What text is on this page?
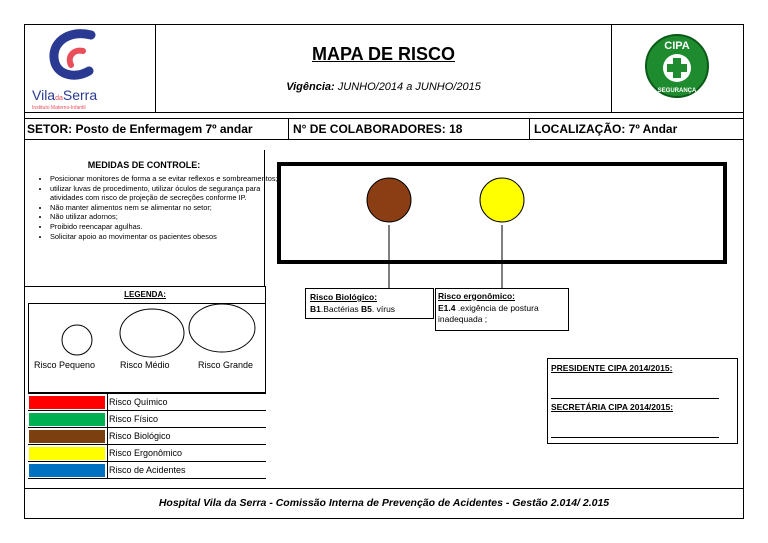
ViladaSerra
Instituto Materno-Infantil
MAPA DE RISCO
Vigência: JUNHO/2014 a JUNHO/2015
CIPA
SEGURANÇA
SETOR: Posto de Enfermagem 7º andar	N° DE COLABORADORES: 18	LOCALIZAÇÃO: 7º Andar
MEDIDAS DE CONTROLE:
• Posicionar monitores de forma a se evitar reflexos e sombreamentos;
• utilizar luvas de procedimento, utilizar óculos de segurança para atividades com risco de projeção de secreções conforme IP.
• Não manter alimentos nem se alimentar no setor;
• Não utilizar adornos;
• Proibido reencapar agulhas.
• Solicitar apoio ao movimentar os pacientes obesos
LEGENDA:
Risco Pequeno	Risco Médio	Risco Grande
Risco Químico
Risco Físico
Risco Biológico
Risco Ergonômico
Risco de Acidentes
Risco Biológico:
B1.Bactérias B5. vírus
Risco ergonômico:
E1.4 .exigência de postura inadequada ;
PRESIDENTE CIPA 2014/2015:
SECRETÁRIA CIPA 2014/2015:
Hospital Vila da Serra - Comissão Interna de Prevenção de Acidentes - Gestão 2.014/ 2.015
